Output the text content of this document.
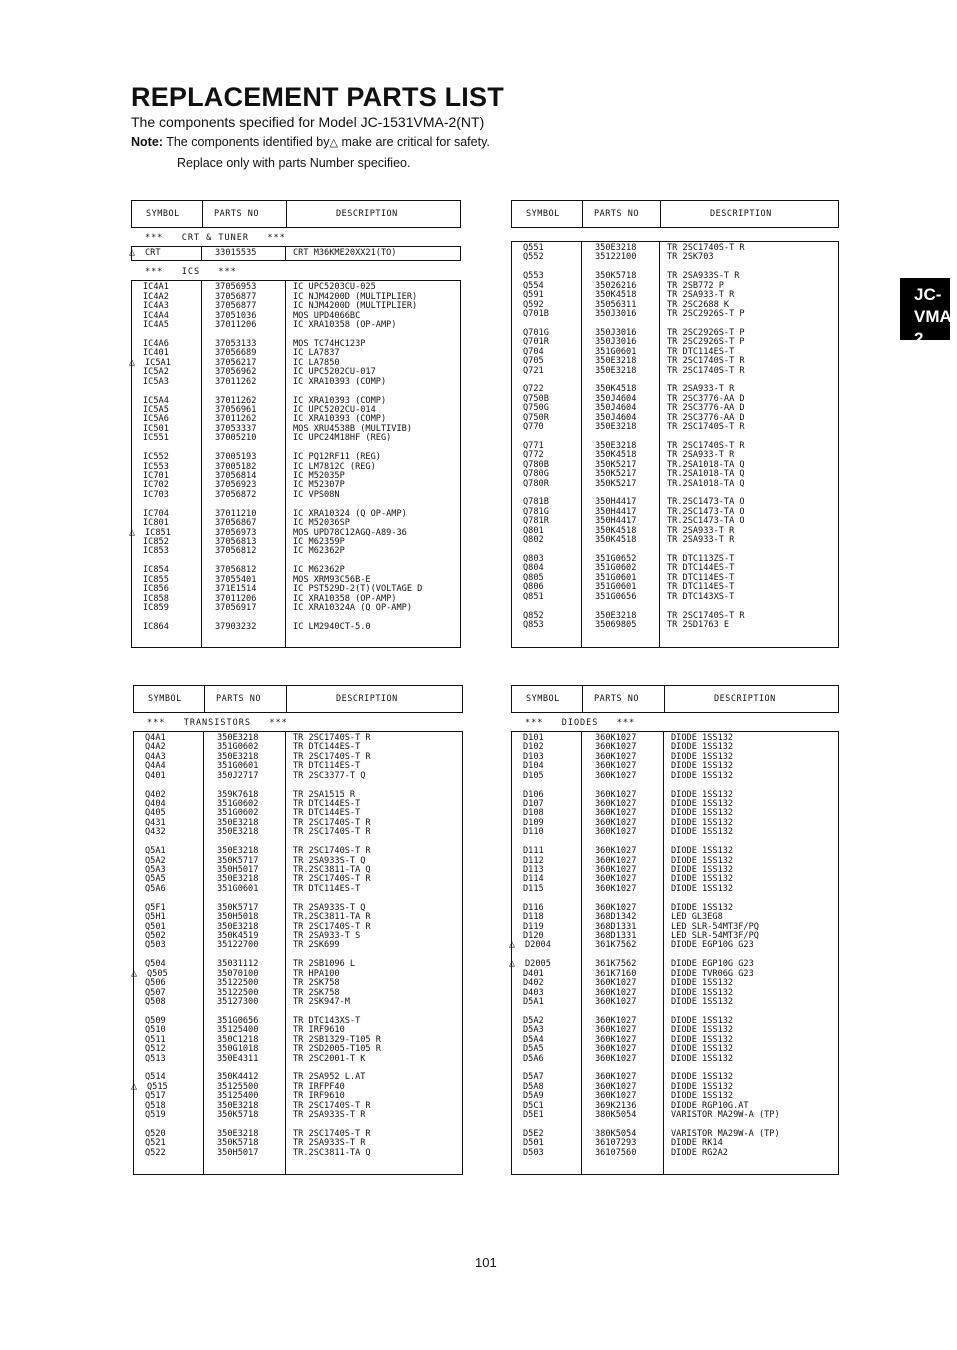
REPLACEMENT PARTS LIST
The components specified for Model JC-1531VMA-2(NT)
Note: The components identified by△ make are critical for safety.
Replace only with parts Number specifieo.
JC-
VMA-2
SYMBOL	PARTS NO	DESCRIPTION
***   CRT & TUNER   ***
△ CRT	33015535	CRT M36KME20XX21(TO)
***   ICS   ***
IC4A1	37056953	IC UPC5203CU-025
IC4A2	37056877	IC NJM4200D (MULTIPLIER)
IC4A3	37056877	IC NJM4200D (MULTIPLIER)
IC4A4	37051036	MOS UPD4066BC
IC4A5	37011206	IC XRA10358 (OP-AMP)
IC4A6	37053133	MOS TC74HC123P
IC401	37056689	IC LA7837
△ IC5A1	37056217	IC LA7850
IC5A2	37056962	IC UPC5202CU-017
IC5A3	37011262	IC XRA10393 (COMP)
IC5A4	37011262	IC XRA10393 (COMP)
IC5A5	37056961	IC UPC5202CU-014
IC5A6	37011262	IC XRA10393 (COMP)
IC501	37053337	MOS XRU4538B (MULTIVIB)
IC551	37005210	IC UPC24M18HF (REG)
IC552	37005193	IC PQ12RF11 (REG)
IC553	37005182	IC LM7812C (REG)
IC701	37056814	IC M52035P
IC702	37056923	IC M52307P
IC703	37056872	IC VPS08N
IC704	37011210	IC XRA10324 (Q OP-AMP)
IC801	37056867	IC M52036SP
△ IC851	37056973	MOS UPD78C12AGQ-A89-36
IC852	37056813	IC M62359P
IC853	37056812	IC M62362P
IC854	37056812	IC M62362P
IC855	37055401	MOS XRM93C56B-E
IC856	371E1514	IC PST529D-2(T)(VOLTAGE D
IC858	37011206	IC XRA10358 (OP-AMP)
IC859	37056917	IC XRA10324A (Q OP-AMP)
IC864	37903232	IC LM2940CT-5.0
SYMBOL	PARTS NO	DESCRIPTION
Q551	350E3218	TR 2SC1740S-T R
Q552	35122100	TR 2SK703
Q553	350K5718	TR 2SA933S-T R
Q554	35026216	TR 2SB772 P
Q591	350K4518	TR 2SA933-T R
Q592	35056311	TR 2SC2688 K
Q701B	350J3016	TR 2SC2926S-T P
Q701G	350J3016	TR 2SC2926S-T P
Q701R	350J3016	TR 2SC2926S-T P
Q704	351G0601	TR DTC114ES-T
Q705	350E3218	TR 2SC1740S-T R
Q721	350E3218	TR 2SC1740S-T R
Q722	350K4518	TR 2SA933-T R
Q750B	350J4604	TR 2SC3776-AA D
Q750G	350J4604	TR 2SC3776-AA D
Q750R	350J4604	TR 2SC3776-AA D
Q770	350E3218	TR 2SC1740S-T R
Q771	350E3218	TR 2SC1740S-T R
Q772	350K4518	TR 2SA933-T R
Q780B	350K5217	TR.2SA1018-TA Q
Q780G	350K5217	TR.2SA1018-TA Q
Q780R	350K5217	TR.2SA1018-TA Q
Q781B	350H4417	TR.2SC1473-TA O
Q781G	350H4417	TR.2SC1473-TA O
Q781R	350H4417	TR.2SC1473-TA O
Q801	350K4518	TR 2SA933-T R
Q802	350K4518	TR 2SA933-T R
Q803	351G0652	TR DTC113ZS-T
Q804	351G0602	TR DTC144ES-T
Q805	351G0601	TR DTC114ES-T
Q806	351G0601	TR DTC114ES-T
Q851	351G0656	TR DTC143XS-T
Q852	350E3218	TR 2SC1740S-T R
Q853	35069805	TR 2SD1763 E
SYMBOL	PARTS NO	DESCRIPTION
***   TRANSISTORS   ***
Q4A1	350E3218	TR 2SC1740S-T R
Q4A2	351G0602	TR DTC144ES-T
Q4A3	350E3218	TR 2SC1740S-T R
Q4A4	351G0601	TR DTC114ES-T
Q401	350J2717	TR 2SC3377-T Q
Q402	359K7618	TR 2SA1515 R
Q404	351G0602	TR DTC144ES-T
Q405	351G0602	TR DTC144ES-T
Q431	350E3218	TR 2SC1740S-T R
Q432	350E3218	TR 2SC1740S-T R
Q5A1	350E3218	TR 2SC1740S-T R
Q5A2	350K5717	TR 2SA933S-T Q
Q5A3	350H5017	TR.2SC3811-TA Q
Q5A5	350E3218	TR 2SC1740S-T R
Q5A6	351G0601	TR DTC114ES-T
Q5F1	350K5717	TR 2SA933S-T Q
Q5H1	350H5018	TR.2SC3811-TA R
Q501	350E3218	TR 2SC1740S-T R
Q502	350K4519	TR 2SA933-T S
Q503	35122700	TR 2SK699
Q504	35031112	TR 2SB1096 L
△ Q505	35070100	TR HPA100
Q506	35122500	TR 2SK758
Q507	35122500	TR 2SK758
Q508	35127300	TR 2SK947-M
Q509	351G0656	TR DTC143XS-T
Q510	35125400	TR IRF9610
Q511	350C1218	TR 2SB1329-T105 R
Q512	350G1018	TR 2SD2005-T105 R
Q513	350E4311	TR 2SC2001-T K
Q514	350K4412	TR 2SA952 L.AT
△ Q515	35125500	TR IRFPF40
Q517	35125400	TR IRF9610
Q518	350E3218	TR 2SC1740S-T R
Q519	350K5718	TR 2SA933S-T R
Q520	350E3218	TR 2SC1740S-T R
Q521	350K5718	TR 2SA933S-T R
Q522	350H5017	TR.2SC3811-TA Q
SYMBOL	PARTS NO	DESCRIPTION
***   DIODES   ***
D101	360K1027	DIODE 1SS132
D102	360K1027	DIODE 1SS132
D103	360K1027	DIODE 1SS132
D104	360K1027	DIODE 1SS132
D105	360K1027	DIODE 1SS132
D106	360K1027	DIODE 1SS132
D107	360K1027	DIODE 1SS132
D108	360K1027	DIODE 1SS132
D109	360K1027	DIODE 1SS132
D110	360K1027	DIODE 1SS132
D111	360K1027	DIODE 1SS132
D112	360K1027	DIODE 1SS132
D113	360K1027	DIODE 1SS132
D114	360K1027	DIODE 1SS132
D115	360K1027	DIODE 1SS132
D116	360K1027	DIODE 1SS132
D118	368D1342	LED GL3EG8
D119	368D1331	LED SLR-54MT3F/PQ
D120	368D1331	LED SLR-54MT3F/PQ
△ D2004	361K7562	DIODE EGP10G G23
△ D2005	361K7562	DIODE EGP10G G23
D401	361K7160	DIODE TVR06G G23
D402	360K1027	DIODE 1SS132
D403	360K1027	DIODE 1SS132
D5A1	360K1027	DIODE 1SS132
D5A2	360K1027	DIODE 1SS132
D5A3	360K1027	DIODE 1SS132
D5A4	360K1027	DIODE 1SS132
D5A5	360K1027	DIODE 1SS132
D5A6	360K1027	DIODE 1SS132
D5A7	360K1027	DIODE 1SS132
D5A8	360K1027	DIODE 1SS132
D5A9	360K1027	DIODE 1SS132
D5C1	369K2136	DIODE RGP10G.AT
D5E1	380K5054	VARISTOR MA29W-A (TP)
D5E2	380K5054	VARISTOR MA29W-A (TP)
D501	36107293	DIODE RK14
D503	36107560	DIODE RG2A2
101
